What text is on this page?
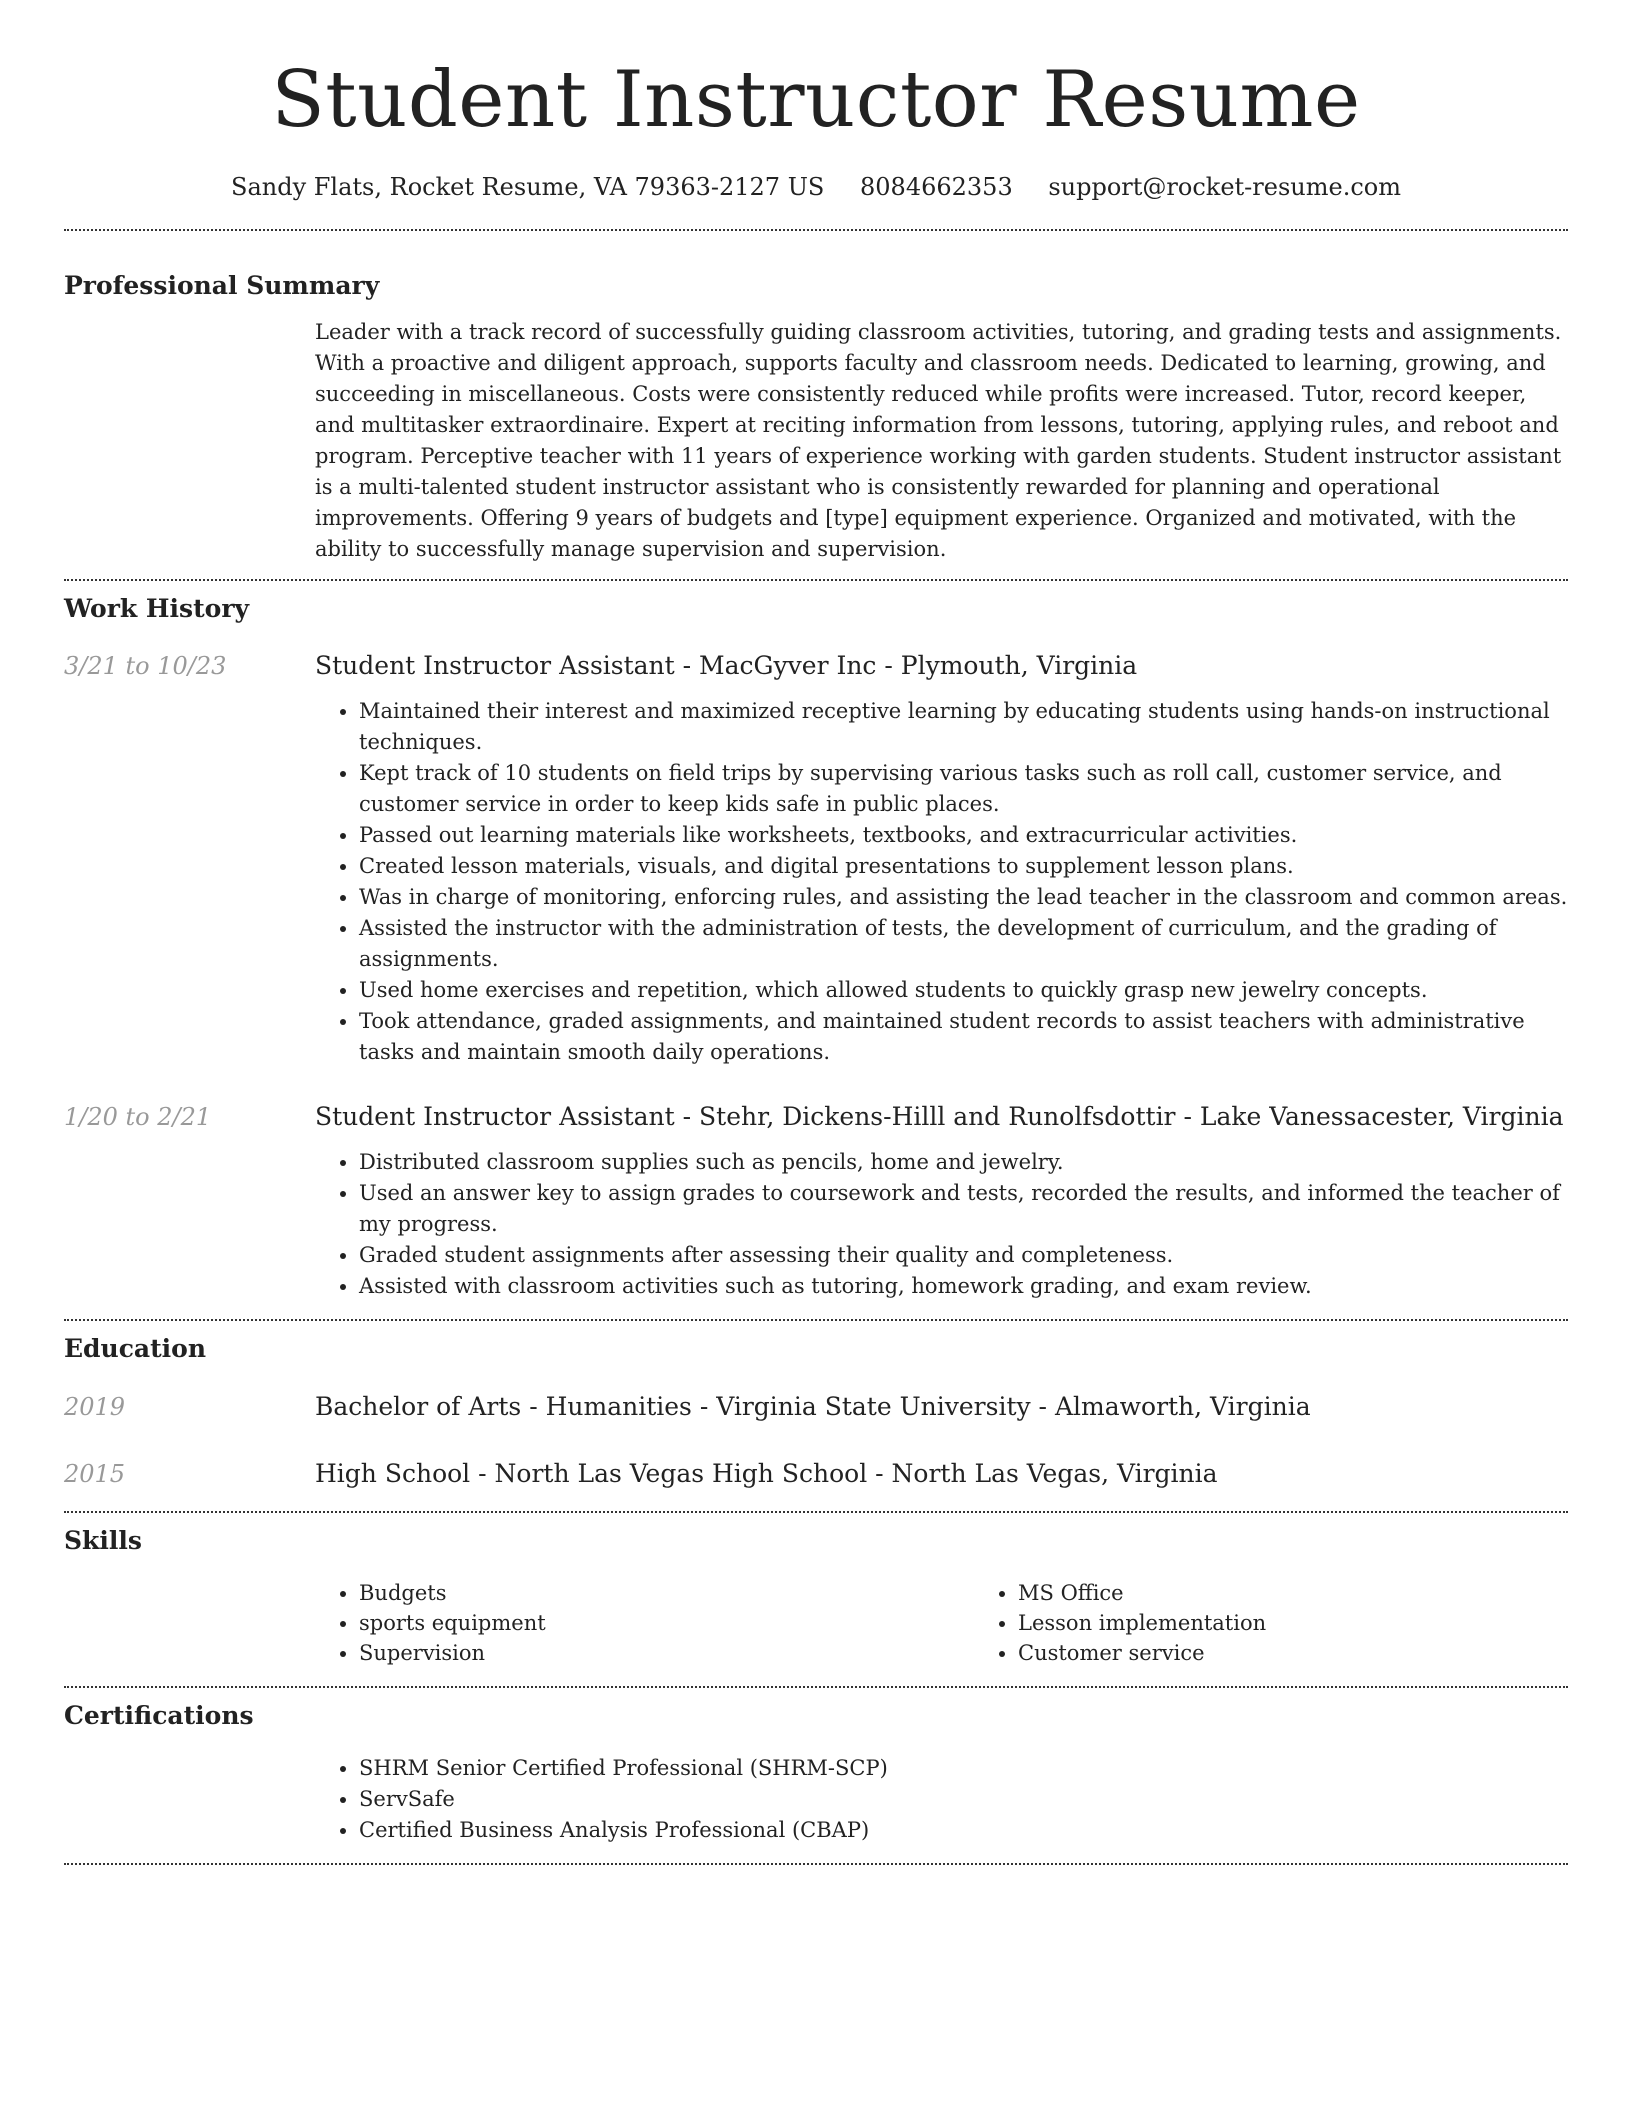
Student Instructor Resume
Sandy Flats, Rocket Resume, VA 79363-2127 US 8084662353 support@rocket-resume.com
Professional Summary

Leader with a track record of successfully guiding classroom activities, tutoring, and grading tests and assignments. With a proactive and diligent approach, supports faculty and classroom needs. Dedicated to learning, growing, and succeeding in miscellaneous. Costs were consistently reduced while profits were increased. Tutor, record keeper, and multitasker extraordinaire. Expert at reciting information from lessons, tutoring, applying rules, and reboot and program. Perceptive teacher with 11 years of experience working with garden students. Student instructor assistant is a multi-talented student instructor assistant who is consistently rewarded for planning and operational improvements. Offering 9 years of budgets and [type] equipment experience. Organized and motivated, with the ability to successfully manage supervision and supervision.

Work History
3/21 to 10/23	Student Instructor Assistant - MacGyver Inc - Plymouth, Virginia
• Maintained their interest and maximized receptive learning by educating students using hands-on instructional techniques.
• Kept track of 10 students on field trips by supervising various tasks such as roll call, customer service, and customer service in order to keep kids safe in public places.
• Passed out learning materials like worksheets, textbooks, and extracurricular activities.
• Created lesson materials, visuals, and digital presentations to supplement lesson plans.
• Was in charge of monitoring, enforcing rules, and assisting the lead teacher in the classroom and common areas.
• Assisted the instructor with the administration of tests, the development of curriculum, and the grading of assignments.
• Used home exercises and repetition, which allowed students to quickly grasp new jewelry concepts.
• Took attendance, graded assignments, and maintained student records to assist teachers with administrative tasks and maintain smooth daily operations.
1/20 to 2/21	Student Instructor Assistant - Stehr, Dickens-Hilll and Runolfsdottir - Lake Vanessacester, Virginia
• Distributed classroom supplies such as pencils, home and jewelry.
• Used an answer key to assign grades to coursework and tests, recorded the results, and informed the teacher of my progress.
• Graded student assignments after assessing their quality and completeness.
• Assisted with classroom activities such as tutoring, homework grading, and exam review.
Education
2019	Bachelor of Arts - Humanities - Virginia State University - Almaworth, Virginia
2015	High School - North Las Vegas High School - North Las Vegas, Virginia
Skills
• Budgets
• sports equipment
• Supervision
• MS Office
• Lesson implementation
• Customer service
Certifications
• SHRM Senior Certified Professional (SHRM-SCP)
• ServSafe
• Certified Business Analysis Professional (CBAP)
